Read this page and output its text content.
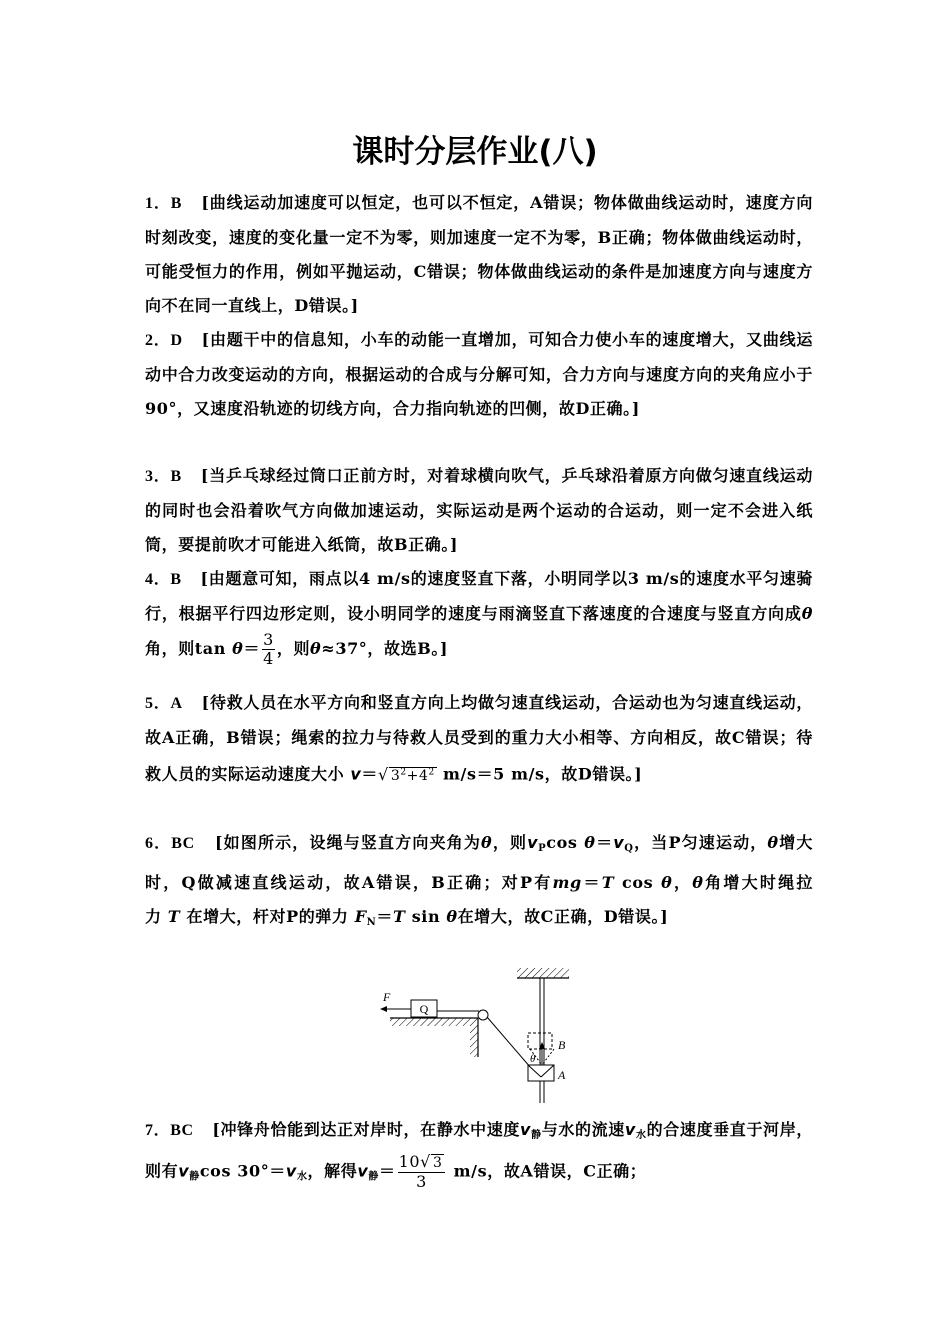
课时分层作业(八)
1．B [曲线运动加速度可以恒定，也可以不恒定，A错误；物体做曲线运动时，速度方向时刻改变，速度的变化量一定不为零，则加速度一定不为零，B正确；物体做曲线运动时，可能受恒力的作用，例如平抛运动，C错误；物体做曲线运动的条件是加速度方向与速度方向不在同一直线上，D错误。]
2．D [由题干中的信息知，小车的动能一直增加，可知合力使小车的速度增大，又曲线运动中合力改变运动的方向，根据运动的合成与分解可知，合力方向与速度方向的夹角应小于90°，又速度沿轨迹的切线方向，合力指向轨迹的凹侧，故D正确。]
3．B [当乒乓球经过筒口正前方时，对着球横向吹气，乒乓球沿着原方向做匀速直线运动的同时也会沿着吹气方向做加速运动，实际运动是两个运动的合运动，则一定不会进入纸筒，要提前吹才可能进入纸筒，故B正确。]
4．B [由题意可知，雨点以4 m/s的速度竖直下落，小明同学以3 m/s的速度水平匀速骑行，根据平行四边形定则，设小明同学的速度与雨滴竖直下落速度的合速度与竖直方向成θ角，则$\tan \theta= \frac{3}{4}$ ，则θ≈37°，故选B。]
5．A [待救人员在水平方向和竖直方向上均做匀速直线运动，合运动也为匀速直线运动，故A正确，B错误；绳索的拉力与待救人员受到的重力大小相等、方向相反，故C错误；待救人员的实际运动速度大小 v＝√ $3^2+4^2$ m/s＝5 m/s，故D错误。]
6．BC [如图所示，设绳与竖直方向夹角为θ，则$v_P\cos$ $\theta=v_Q$，当P匀速运动，θ增大时，Q做减速直线运动，故A错误，B正确；对P有mg＝T cos θ，θ角增大时绳拉力 T 在增大，杆对P的弹力 $F_N=T$ sin θ在增大，故C正确，D错误。]
Q
F
B
θ
A
7．BC [冲锋舟恰能到达正对岸时，在静水中速度$v_静$与水的流速$v_水$的合速度垂直于河岸，则有$v_静\cos$ $30^\circ=v_水$，解得$v_静= \frac{10√ 3}{3} m/s$，故A错误，C正确；
